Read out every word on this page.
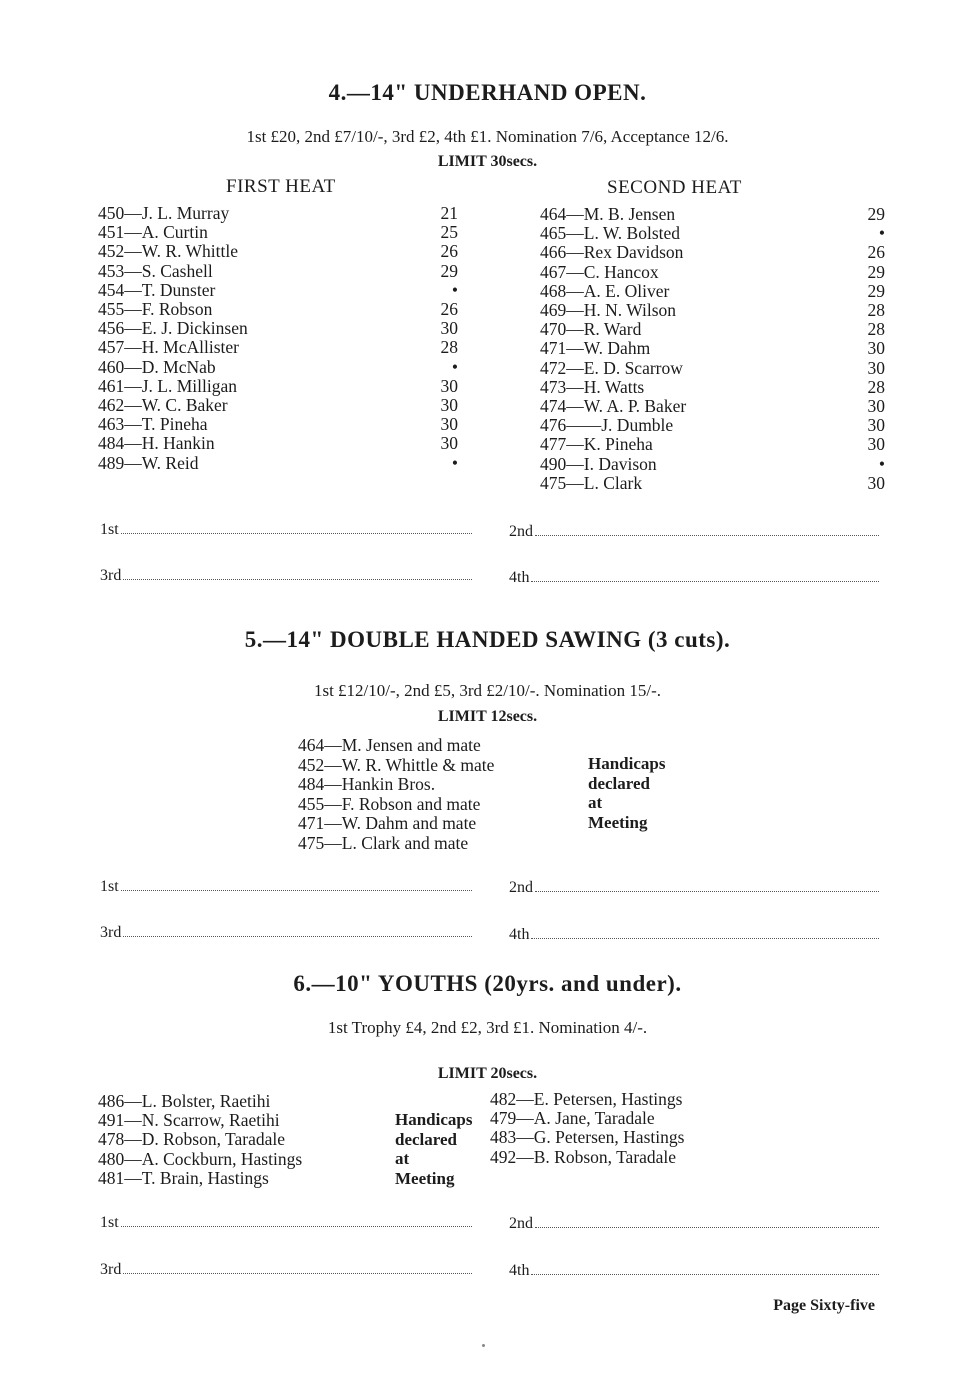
4.—14" UNDERHAND OPEN.
1st £20, 2nd £7/10/-, 3rd £2, 4th £1. Nomination 7/6, Acceptance 12/6.
LIMIT 30secs.
FIRST HEAT	SECOND HEAT
450—J. L. Murray	21
451—A. Curtin	25
452—W. R. Whittle	26
453—S. Cashell	29
454—T. Dunster	•
455—F. Robson	26
456—E. J. Dickinsen	30
457—H. McAllister	28
460—D. McNab	•
461—J. L. Milligan	30
462—W. C. Baker	30
463—T. Pineha	30
484—H. Hankin	30
489—W. Reid	•
464—M. B. Jensen	29
465—L. W. Bolsted	•
466—Rex Davidson	26
467—C. Hancox	29
468—A. E. Oliver	29
469—H. N. Wilson	28
470—R. Ward	28
471—W. Dahm	30
472—E. D. Scarrow	30
473—H. Watts	28
474—W. A. P. Baker	30
476——J. Dumble	30
477—K. Pineha	30
490—I. Davison	•
475—L. Clark	30
1st	2nd
3rd	4th
5.—14" DOUBLE HANDED SAWING (3 cuts).
1st £12/10/-, 2nd £5, 3rd £2/10/-. Nomination 15/-.
LIMIT 12secs.
464—M. Jensen and mate
452—W. R. Whittle & mate
484—Hankin Bros.
455—F. Robson and mate
471—W. Dahm and mate
475—L. Clark and mate
Handicaps
declared
at
Meeting
1st	2nd
3rd	4th
6.—10" YOUTHS (20yrs. and under).
1st Trophy £4, 2nd £2, 3rd £1. Nomination 4/-.
LIMIT 20secs.
486—L. Bolster, Raetihi
491—N. Scarrow, Raetihi
478—D. Robson, Taradale
480—A. Cockburn, Hastings
481—T. Brain, Hastings
Handicaps
declared
at
Meeting
482—E. Petersen, Hastings
479—A. Jane, Taradale
483—G. Petersen, Hastings
492—B. Robson, Taradale
1st	2nd
3rd	4th
Page Sixty-five
